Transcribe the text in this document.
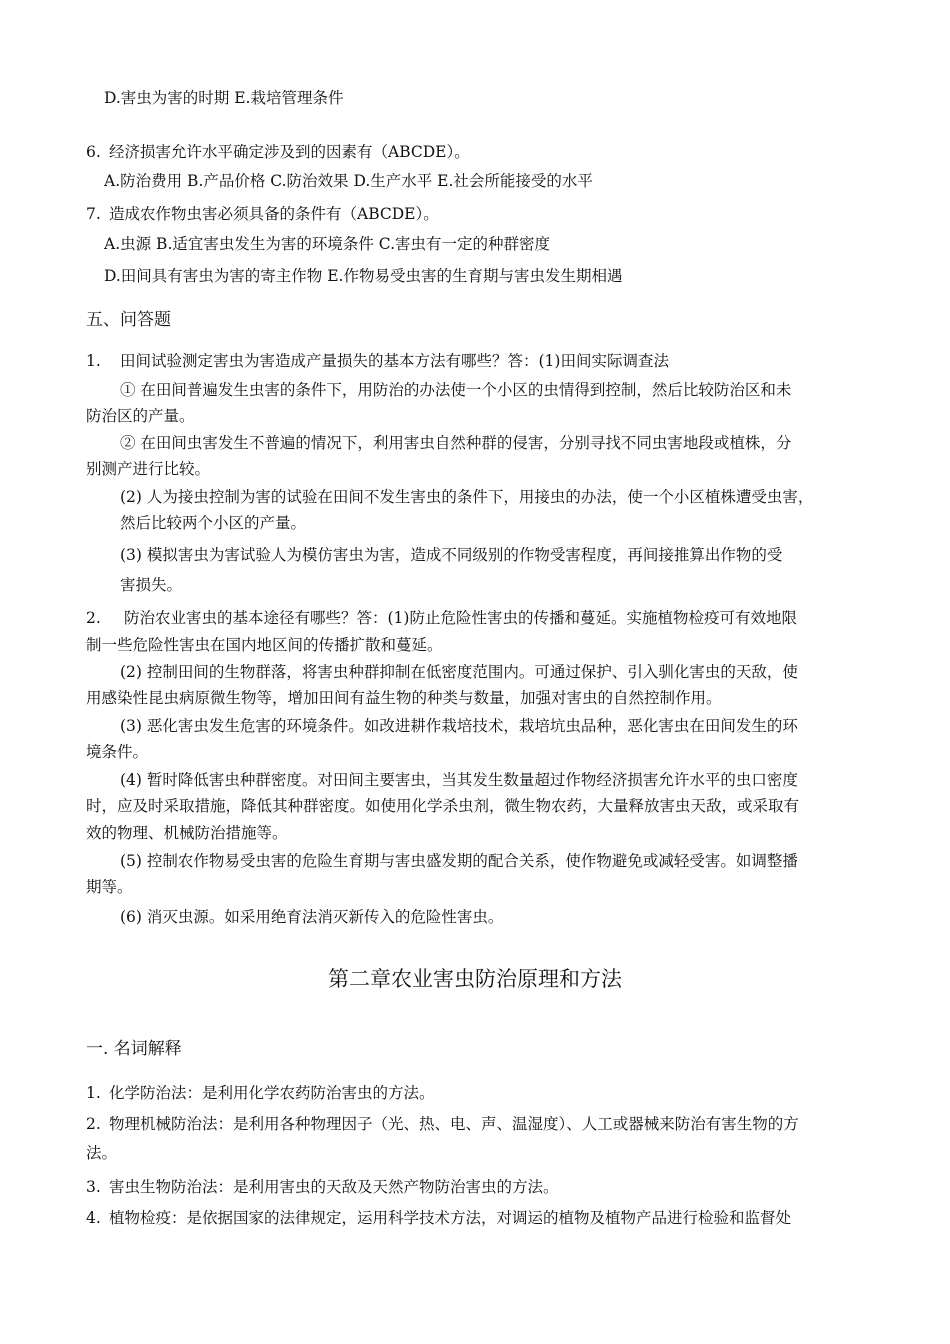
D.害虫为害的时期 E.栽培管理条件
6. 经济损害允许水平确定涉及到的因素有（ABCDE）。
A.防治费用 B.产品价格 C.防治效果 D.生产水平 E.社会所能接受的水平
7. 造成农作物虫害必须具备的条件有（ABCDE）。
A.虫源 B.适宜害虫发生为害的环境条件 C.害虫有一定的种群密度
D.田间具有害虫为害的寄主作物 E.作物易受虫害的生育期与害虫发生期相遇
五、问答题
1. 田间试验测定害虫为害造成产量损失的基本方法有哪些？答：(1)田间实际调查法
① 在田间普遍发生虫害的条件下，用防治的办法使一个小区的虫情得到控制，然后比较防治区和未
防治区的产量。
② 在田间虫害发生不普遍的情况下，利用害虫自然种群的侵害，分别寻找不同虫害地段或植株，分
别测产进行比较。
(2) 人为接虫控制为害的试验在田间不发生害虫的条件下，用接虫的办法，使一个小区植株遭受虫害，
然后比较两个小区的产量。
(3) 模拟害虫为害试验人为模仿害虫为害，造成不同级别的作物受害程度，再间接推算出作物的受
害损失。
2. 防治农业害虫的基本途径有哪些？答：(1)防止危险性害虫的传播和蔓延。实施植物检疫可有效地限
制一些危险性害虫在国内地区间的传播扩散和蔓延。
(2) 控制田间的生物群落，将害虫种群抑制在低密度范围内。可通过保护、引入驯化害虫的天敌，使
用感染性昆虫病原微生物等，增加田间有益生物的种类与数量，加强对害虫的自然控制作用。
(3) 恶化害虫发生危害的环境条件。如改进耕作栽培技术，栽培坑虫品种，恶化害虫在田间发生的环
境条件。
(4) 暂时降低害虫种群密度。对田间主要害虫，当其发生数量超过作物经济损害允许水平的虫口密度
时，应及时采取措施，降低其种群密度。如使用化学杀虫剂，微生物农药，大量释放害虫天敌，或采取有
效的物理、机械防治措施等。
(5) 控制农作物易受虫害的危险生育期与害虫盛发期的配合关系，使作物避免或减轻受害。如调整播
期等。
(6) 消灭虫源。如采用绝育法消灭新传入的危险性害虫。
第二章农业害虫防治原理和方法
一. 名词解释
1. 化学防治法：是利用化学农药防治害虫的方法。
2. 物理机械防治法：是利用各种物理因子（光、热、电、声、温湿度）、人工或器械来防治有害生物的方
法。
3. 害虫生物防治法：是利用害虫的天敌及天然产物防治害虫的方法。
4. 植物检疫：是依据国家的法律规定，运用科学技术方法，对调运的植物及植物产品进行检验和监督处
